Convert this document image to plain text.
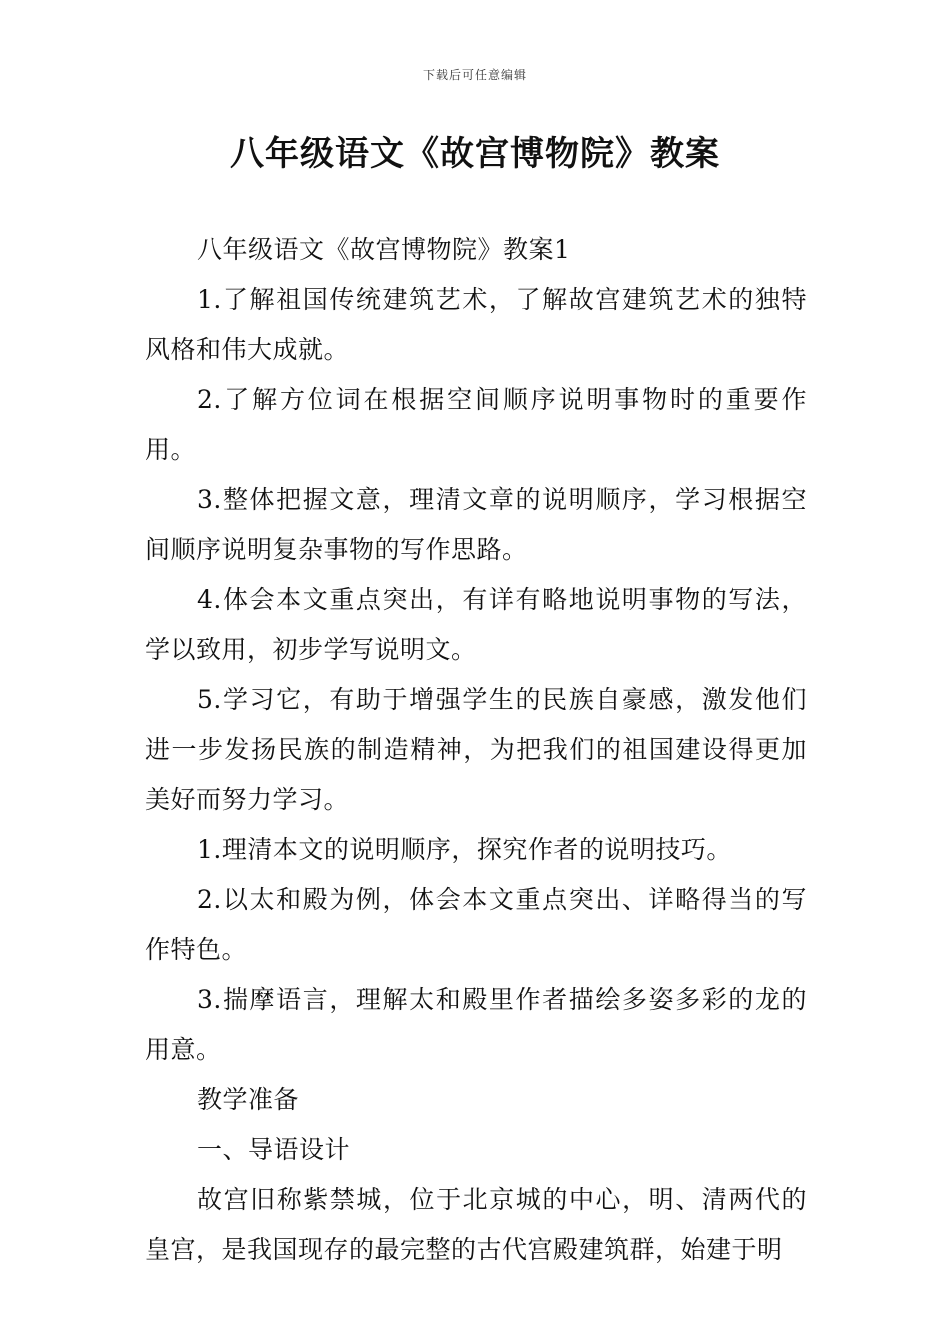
下载后可任意编辑
八年级语文《故宫博物院》教案

八年级语文《故宫博物院》教案1

1.了解祖国传统建筑艺术，了解故宫建筑艺术的独特风格和伟大成就。

2.了解方位词在根据空间顺序说明事物时的重要作用。

3.整体把握文意，理清文章的说明顺序，学习根据空间顺序说明复杂事物的写作思路。

4.体会本文重点突出，有详有略地说明事物的写法，学以致用，初步学写说明文。

5.学习它，有助于增强学生的民族自豪感，激发他们进一步发扬民族的制造精神，为把我们的祖国建设得更加美好而努力学习。

1.理清本文的说明顺序，探究作者的说明技巧。

2.以太和殿为例，体会本文重点突出、详略得当的写作特色。

3.揣摩语言，理解太和殿里作者描绘多姿多彩的龙的用意。

教学准备

一、导语设计

故宫旧称紫禁城，位于北京城的中心，明、清两代的皇宫，是我国现存的最完整的古代宫殿建筑群，始建于明
